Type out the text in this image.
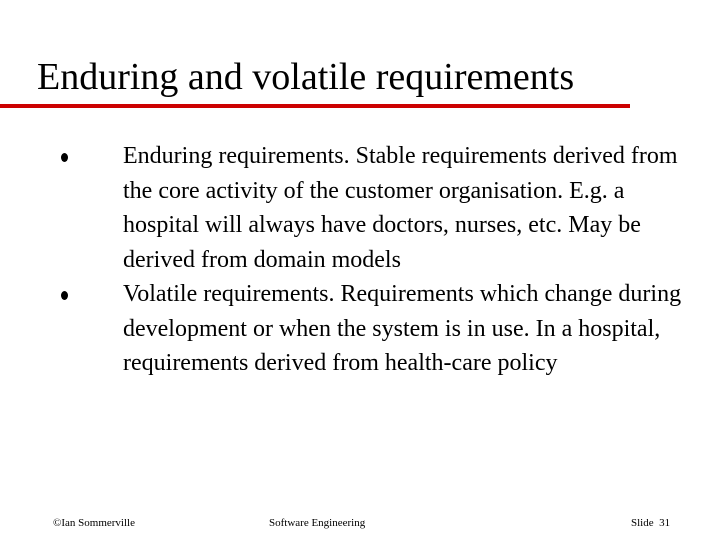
Enduring and volatile requirements
Enduring requirements. Stable requirements derived from the core activity of the customer organisation. E.g. a hospital will always have doctors, nurses, etc. May be derived from domain models
Volatile requirements. Requirements which change during development or when the system is in use. In a hospital, requirements derived from health-care policy
©Ian Sommerville	Software Engineering	Slide  31
